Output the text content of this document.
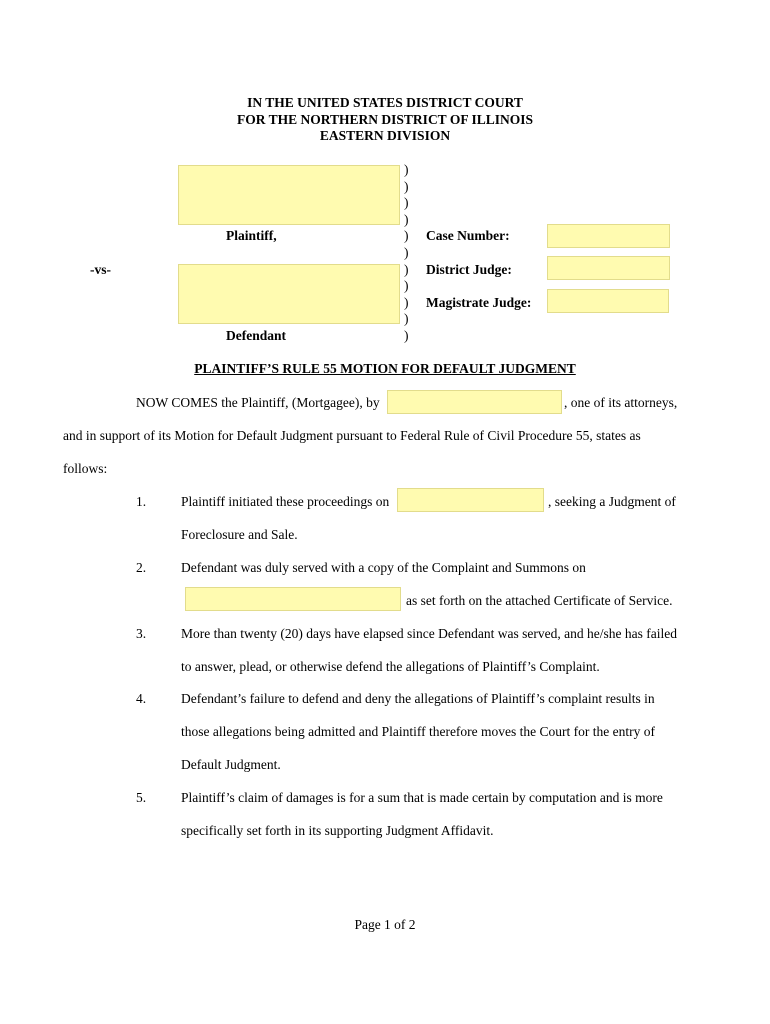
IN THE UNITED STATES DISTRICT COURT
FOR THE NORTHERN DISTRICT OF ILLINOIS
EASTERN DIVISION
Plaintiff,
-vs-
Defendant
)
)
)
)
)
)
)
)
)
)
)
Case Number:
District Judge:
Magistrate Judge:
PLAINTIFF’S RULE 55 MOTION FOR DEFAULT JUDGMENT
NOW COMES the Plaintiff, (Mortgagee), by	, one of its attorneys,
and in support of its Motion for Default Judgment pursuant to Federal Rule of Civil Procedure 55, states as
follows:
1.	Plaintiff initiated these proceedings on	, seeking a Judgment of
Foreclosure and Sale.
2.	Defendant was duly served with a copy of the Complaint and Summons on
as set forth on the attached Certificate of Service.
3.	More than twenty (20) days have elapsed since Defendant was served, and he/she has failed
to answer, plead, or otherwise defend the allegations of Plaintiff’s Complaint.
4.	Defendant’s failure to defend and deny the allegations of Plaintiff’s complaint results in
those allegations being admitted and Plaintiff therefore moves the Court for the entry of
Default Judgment.
5.	Plaintiff’s claim of damages is for a sum that is made certain by computation and is more
specifically set forth in its supporting Judgment Affidavit.
Page 1 of 2
